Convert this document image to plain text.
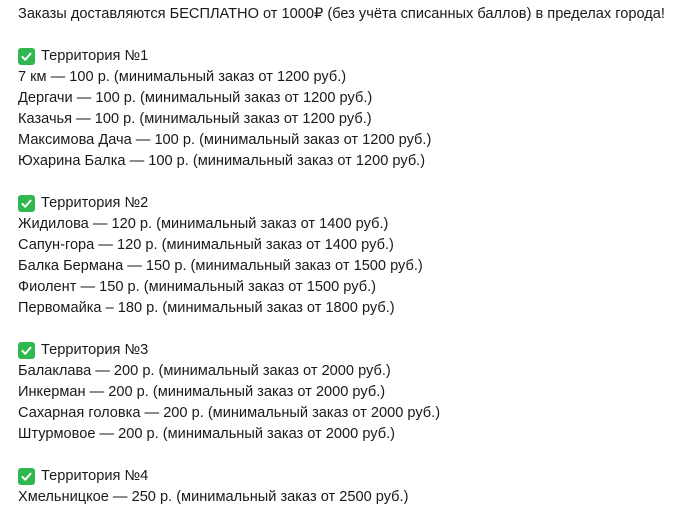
Заказы доставляются БЕСПЛАТНО от 1000₽ (без учёта списанных баллов) в пределах города!
Территория №1
7 км — 100 р. (минимальный заказ от 1200 руб.)
Дергачи — 100 р. (минимальный заказ от 1200 руб.)
Казачья — 100 р. (минимальный заказ от 1200 руб.)
Максимова Дача — 100 р. (минимальный заказ от 1200 руб.)
Юхарина Балка — 100 р. (минимальный заказ от 1200 руб.)
Территория №2
Жидилова — 120 р. (минимальный заказ от 1400 руб.)
Сапун-гора — 120 р. (минимальный заказ от 1400 руб.)
Балка Бермана — 150 р. (минимальный заказ от 1500 руб.)
Фиолент — 150 р. (минимальный заказ от 1500 руб.)
Первомайка – 180 р. (минимальный заказ от 1800 руб.)
Территория №3
Балаклава — 200 р. (минимальный заказ от 2000 руб.)
Инкерман — 200 р. (минимальный заказ от 2000 руб.)
Сахарная головка — 200 р. (минимальный заказ от 2000 руб.)
Штурмовое — 200 р. (минимальный заказ от 2000 руб.)
Территория №4
Хмельницкое — 250 р. (минимальный заказ от 2500 руб.)
